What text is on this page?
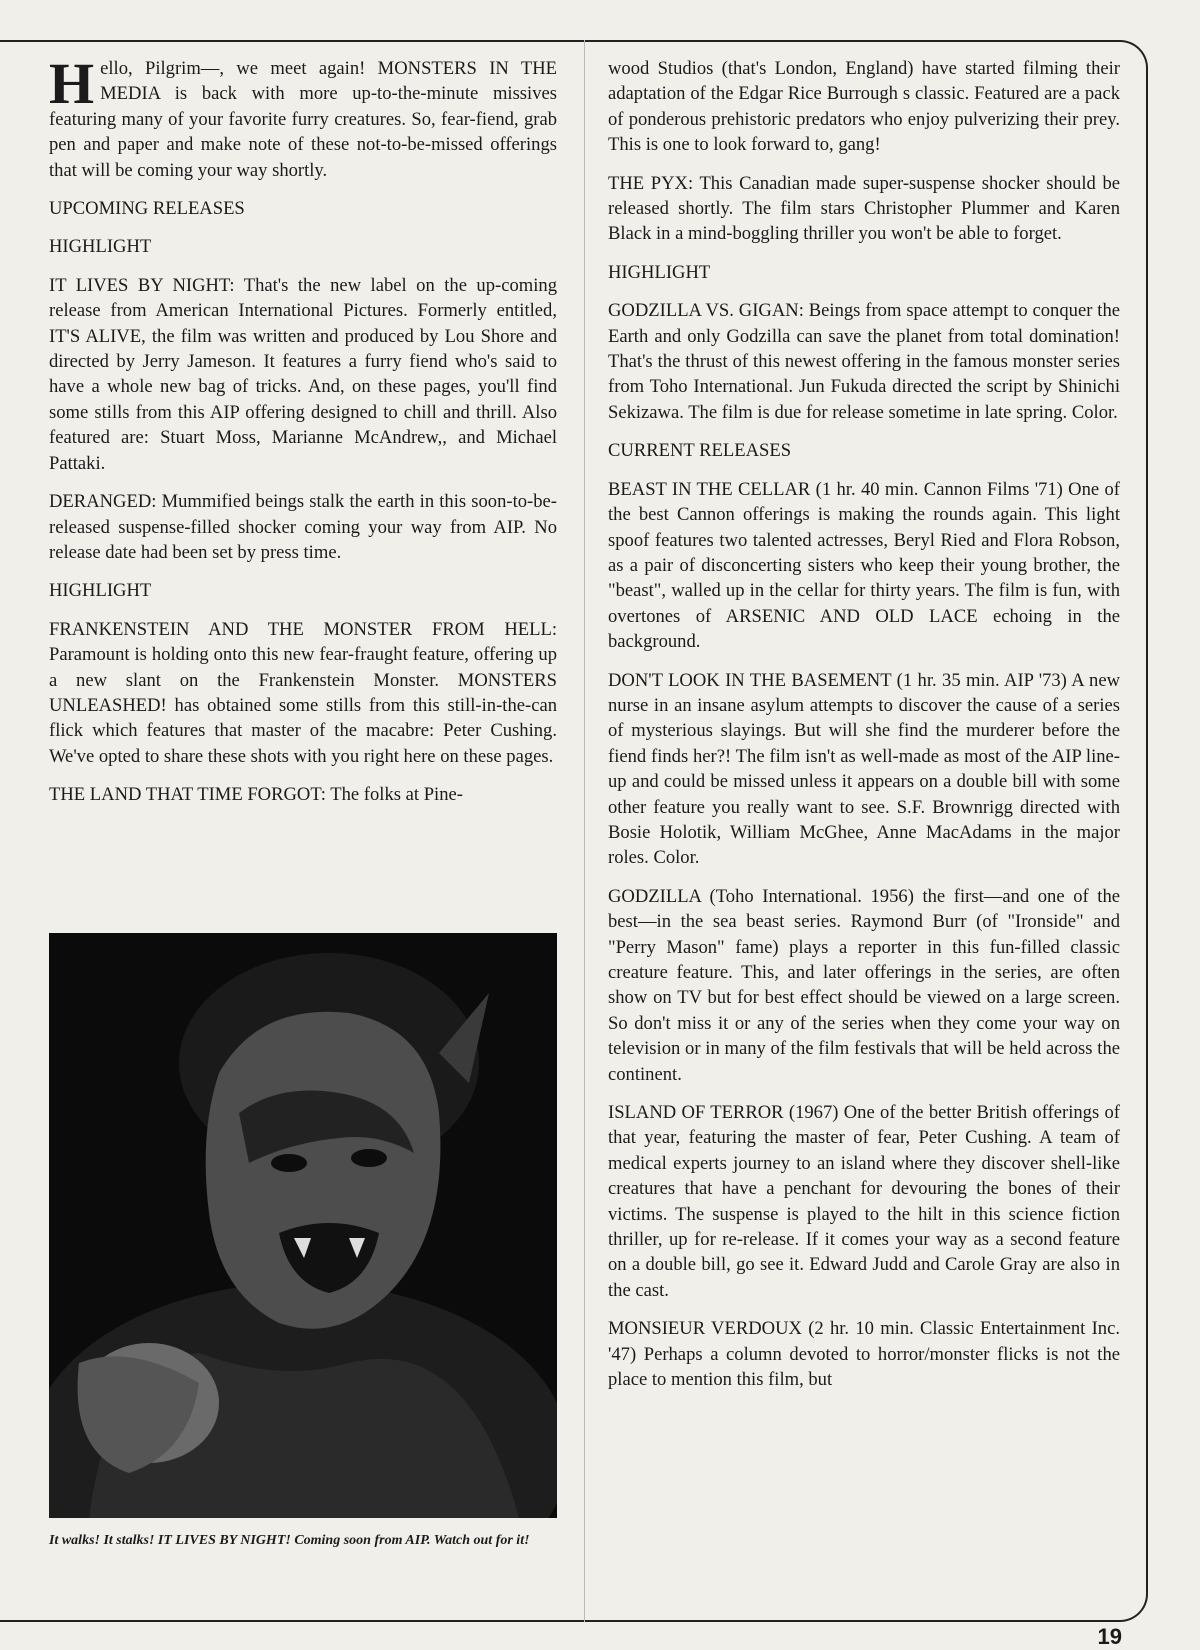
Hello, Pilgrim—, we meet again! MONSTERS IN THE MEDIA is back with more up-to-the-minute missives featuring many of your favorite furry creatures. So, fear-fiend, grab pen and paper and make note of these not-to-be-missed offerings that will be coming your way shortly.

UPCOMING RELEASES

HIGHLIGHT

IT LIVES BY NIGHT: That's the new label on the up-coming release from American International Pictures. Formerly entitled, IT'S ALIVE, the film was written and produced by Lou Shore and directed by Jerry Jameson. It features a furry fiend who's said to have a whole new bag of tricks. And, on these pages, you'll find some stills from this AIP offering designed to chill and thrill. Also featured are: Stuart Moss, Marianne McAndrew,, and Michael Pattaki.

DERANGED: Mummified beings stalk the earth in this soon-to-be-released suspense-filled shocker coming your way from AIP. No release date had been set by press time.

HIGHLIGHT

FRANKENSTEIN AND THE MONSTER FROM HELL: Paramount is holding onto this new fear-fraught feature, offering up a new slant on the Frankenstein Monster. MONSTERS UNLEASHED! has obtained some stills from this still-in-the-can flick which features that master of the macabre: Peter Cushing. We've opted to share these shots with you right here on these pages.

THE LAND THAT TIME FORGOT: The folks at Pine-

It walks! It stalks! IT LIVES BY NIGHT! Coming soon from AIP. Watch out for it!

wood Studios (that's London, England) have started filming their adaptation of the Edgar Rice Burrough s classic. Featured are a pack of ponderous prehistoric predators who enjoy pulverizing their prey. This is one to look forward to, gang!

THE PYX: This Canadian made super-suspense shocker should be released shortly. The film stars Christopher Plummer and Karen Black in a mind-boggling thriller you won't be able to forget.

HIGHLIGHT

GODZILLA VS. GIGAN: Beings from space attempt to conquer the Earth and only Godzilla can save the planet from total domination! That's the thrust of this newest offering in the famous monster series from Toho International. Jun Fukuda directed the script by Shinichi Sekizawa. The film is due for release sometime in late spring. Color.

CURRENT RELEASES

BEAST IN THE CELLAR (1 hr. 40 min. Cannon Films '71) One of the best Cannon offerings is making the rounds again. This light spoof features two talented actresses, Beryl Ried and Flora Robson, as a pair of disconcerting sisters who keep their young brother, the "beast", walled up in the cellar for thirty years. The film is fun, with overtones of ARSENIC AND OLD LACE echoing in the background.

DON'T LOOK IN THE BASEMENT (1 hr. 35 min. AIP '73) A new nurse in an insane asylum attempts to discover the cause of a series of mysterious slayings. But will she find the murderer before the fiend finds her?! The film isn't as well-made as most of the AIP line-up and could be missed unless it appears on a double bill with some other feature you really want to see. S.F. Brownrigg directed with Bosie Holotik, William McGhee, Anne MacAdams in the major roles. Color.

GODZILLA (Toho International. 1956) the first—and one of the best—in the sea beast series. Raymond Burr (of "Ironside" and "Perry Mason" fame) plays a reporter in this fun-filled classic creature feature. This, and later offerings in the series, are often show on TV but for best effect should be viewed on a large screen. So don't miss it or any of the series when they come your way on television or in many of the film festivals that will be held across the continent.

ISLAND OF TERROR (1967) One of the better British offerings of that year, featuring the master of fear, Peter Cushing. A team of medical experts journey to an island where they discover shell-like creatures that have a penchant for devouring the bones of their victims. The suspense is played to the hilt in this science fiction thriller, up for re-release. If it comes your way as a second feature on a double bill, go see it. Edward Judd and Carole Gray are also in the cast.

MONSIEUR VERDOUX (2 hr. 10 min. Classic Entertainment Inc. '47) Perhaps a column devoted to horror/monster flicks is not the place to mention this film, but

19
